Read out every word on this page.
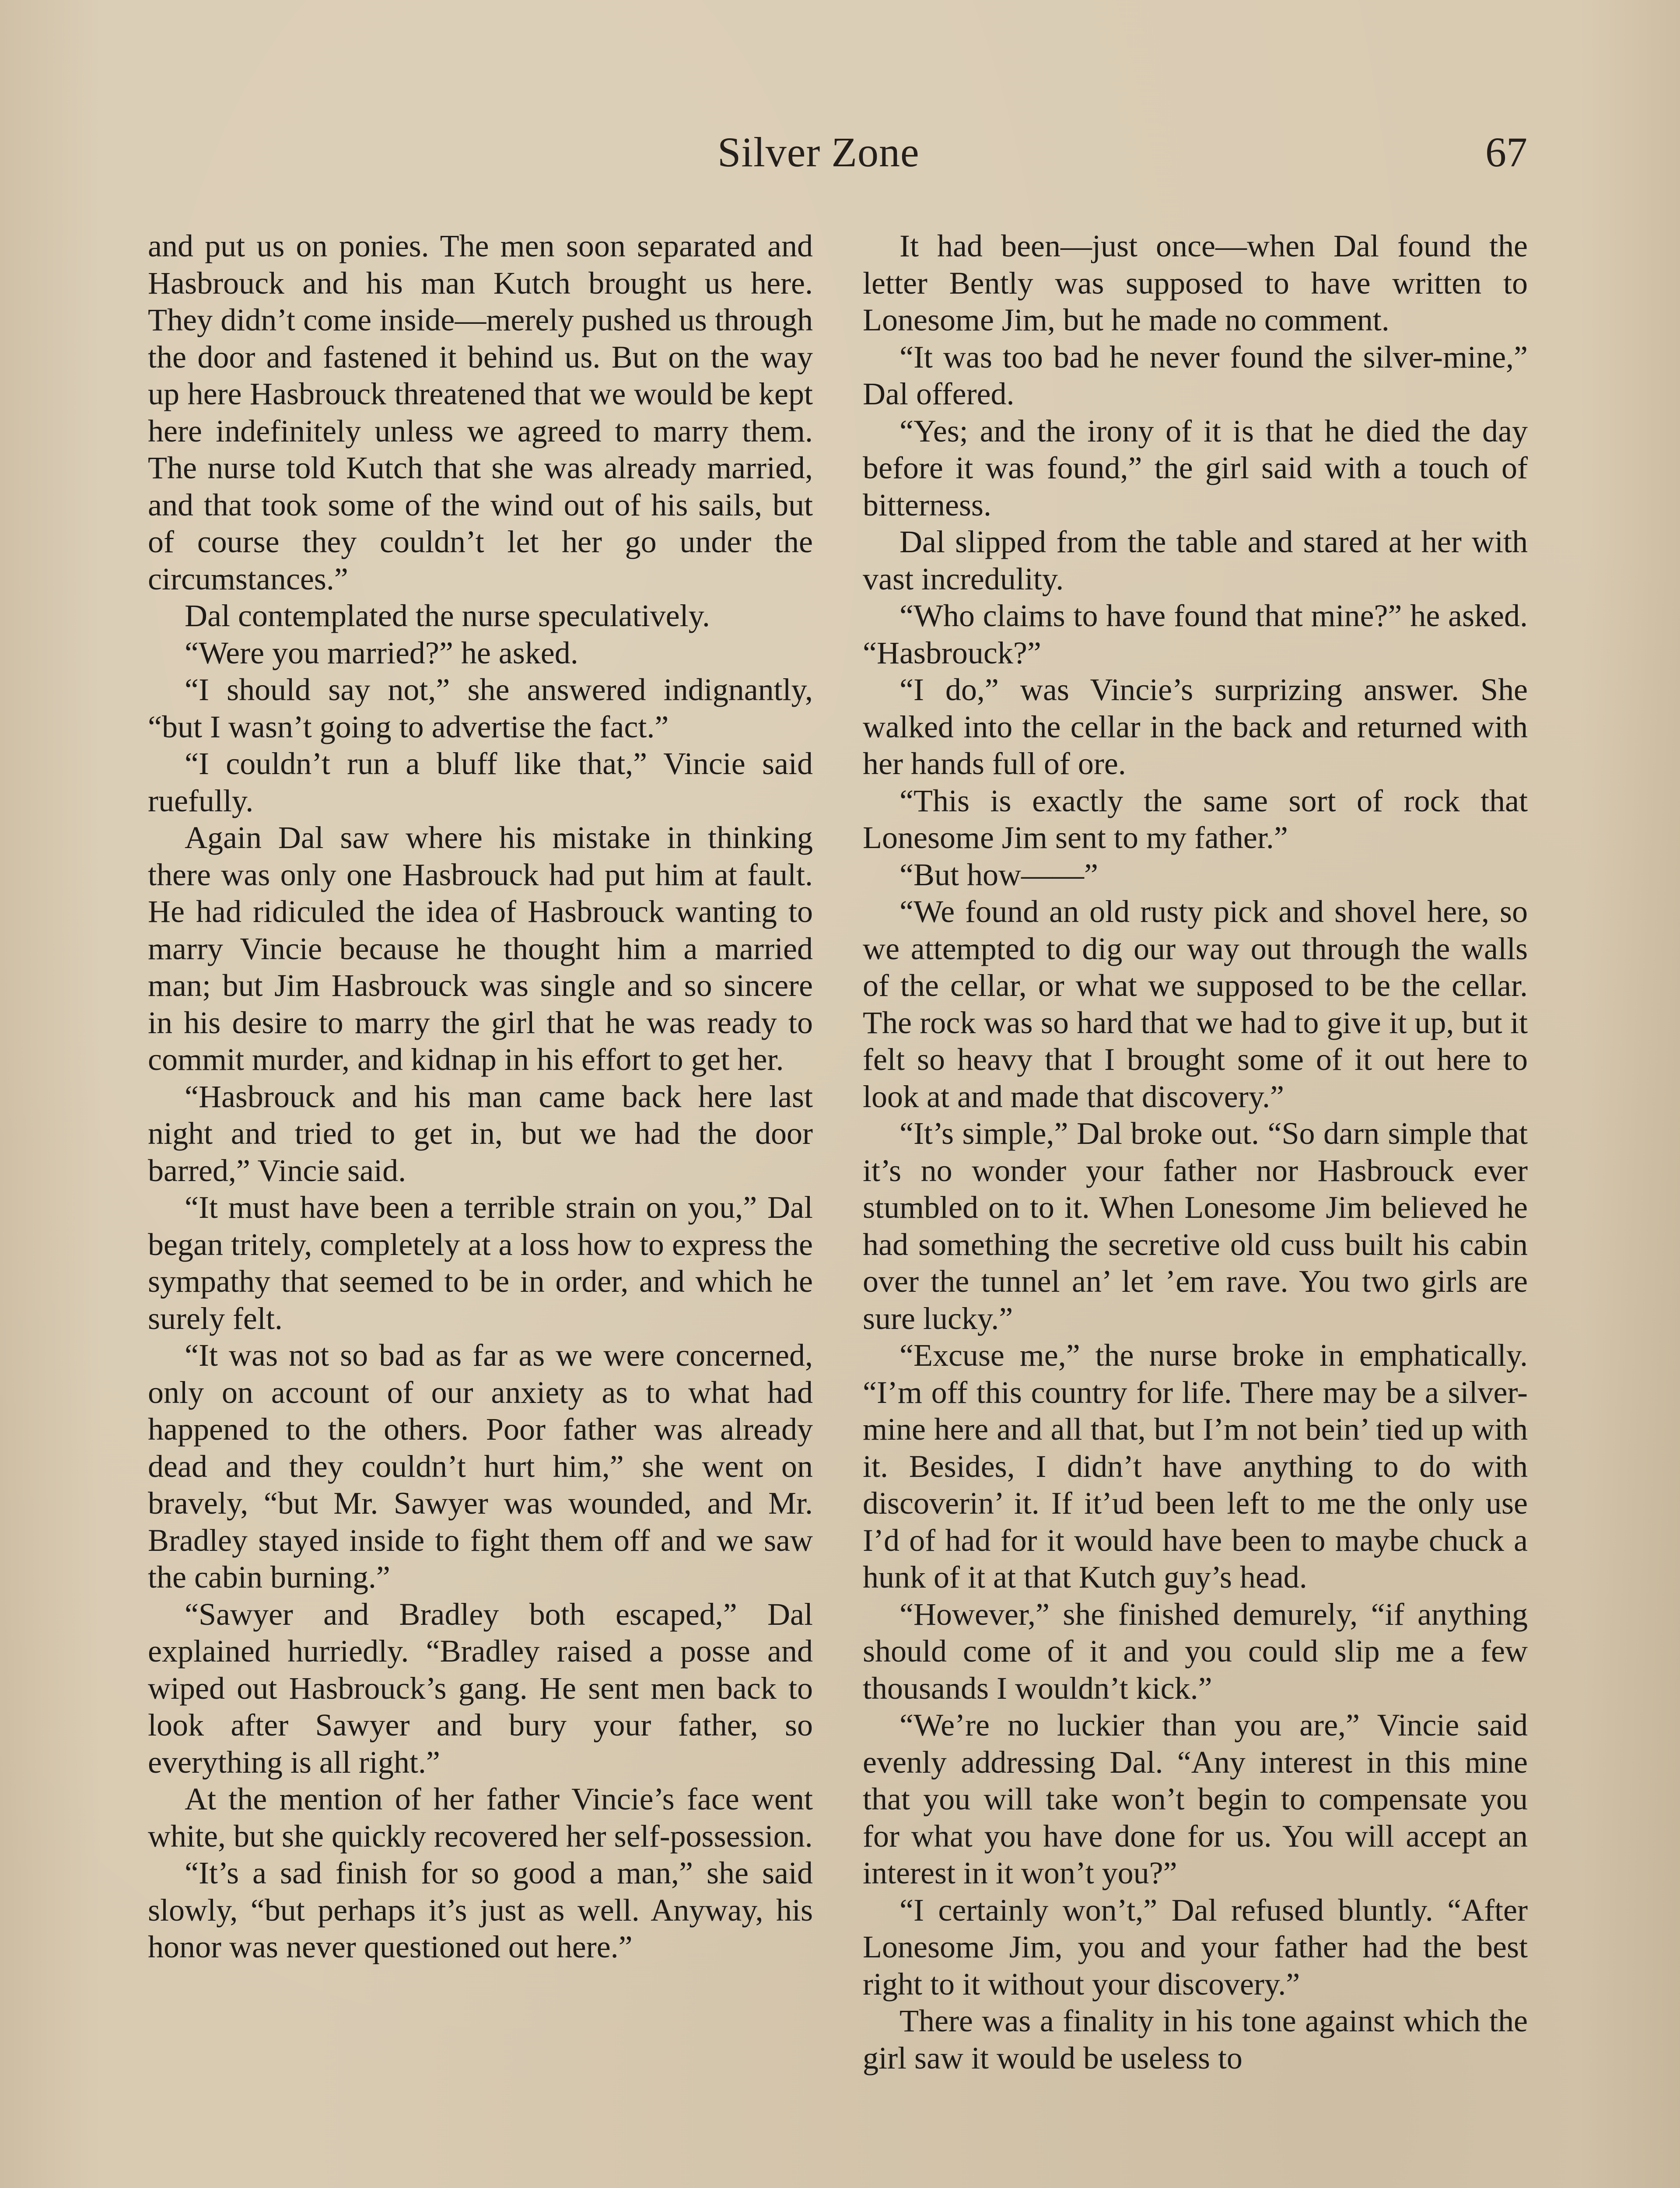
Silver Zone	67

and put us on ponies. The men soon separated and Hasbrouck and his man Kutch brought us here. They didn’t come inside—merely pushed us through the door and fastened it behind us. But on the way up here Hasbrouck threatened that we would be kept here indefinitely unless we agreed to marry them. The nurse told Kutch that she was already married, and that took some of the wind out of his sails, but of course they couldn’t let her go under the circumstances.”

Dal contemplated the nurse speculatively.

“Were you married?” he asked.

“I should say not,” she answered indignantly, “but I wasn’t going to advertise the fact.”

“I couldn’t run a bluff like that,” Vincie said ruefully.

Again Dal saw where his mistake in thinking there was only one Hasbrouck had put him at fault. He had ridiculed the idea of Hasbrouck wanting to marry Vincie because he thought him a married man; but Jim Hasbrouck was single and so sincere in his desire to marry the girl that he was ready to commit murder, and kidnap in his effort to get her.

“Hasbrouck and his man came back here last night and tried to get in, but we had the door barred,” Vincie said.

“It must have been a terrible strain on you,” Dal began tritely, completely at a loss how to express the sympathy that seemed to be in order, and which he surely felt.

“It was not so bad as far as we were concerned, only on account of our anxiety as to what had happened to the others. Poor father was already dead and they couldn’t hurt him,” she went on bravely, “but Mr. Sawyer was wounded, and Mr. Bradley stayed inside to fight them off and we saw the cabin burning.”

“Sawyer and Bradley both escaped,” Dal explained hurriedly. “Bradley raised a posse and wiped out Hasbrouck’s gang. He sent men back to look after Sawyer and bury your father, so everything is all right.”

At the mention of her father Vincie’s face went white, but she quickly recovered her self-possession.

“It’s a sad finish for so good a man,” she said slowly, “but perhaps it’s just as well. Anyway, his honor was never questioned out here.”

It had been—just once—when Dal found the letter Bently was supposed to have written to Lonesome Jim, but he made no comment.

“It was too bad he never found the silver-mine,” Dal offered.

“Yes; and the irony of it is that he died the day before it was found,” the girl said with a touch of bitterness.

Dal slipped from the table and stared at her with vast incredulity.

“Who claims to have found that mine?” he asked. “Hasbrouck?”

“I do,” was Vincie’s surprizing answer. She walked into the cellar in the back and returned with her hands full of ore.

“This is exactly the same sort of rock that Lonesome Jim sent to my father.”

“But how——”

“We found an old rusty pick and shovel here, so we attempted to dig our way out through the walls of the cellar, or what we supposed to be the cellar. The rock was so hard that we had to give it up, but it felt so heavy that I brought some of it out here to look at and made that discovery.”

“It’s simple,” Dal broke out. “So darn simple that it’s no wonder your father nor Hasbrouck ever stumbled on to it. When Lonesome Jim believed he had something the secretive old cuss built his cabin over the tunnel an’ let ’em rave. You two girls are sure lucky.”

“Excuse me,” the nurse broke in emphatically. “I’m off this country for life. There may be a silver-mine here and all that, but I’m not bein’ tied up with it. Besides, I didn’t have anything to do with discoverin’ it. If it’ud been left to me the only use I’d of had for it would have been to maybe chuck a hunk of it at that Kutch guy’s head.

“However,” she finished demurely, “if anything should come of it and you could slip me a few thousands I wouldn’t kick.”

“We’re no luckier than you are,” Vincie said evenly addressing Dal. “Any interest in this mine that you will take won’t begin to compensate you for what you have done for us. You will accept an interest in it won’t you?”

“I certainly won’t,” Dal refused bluntly. “After Lonesome Jim, you and your father had the best right to it without your discovery.”

There was a finality in his tone against which the girl saw it would be useless to
